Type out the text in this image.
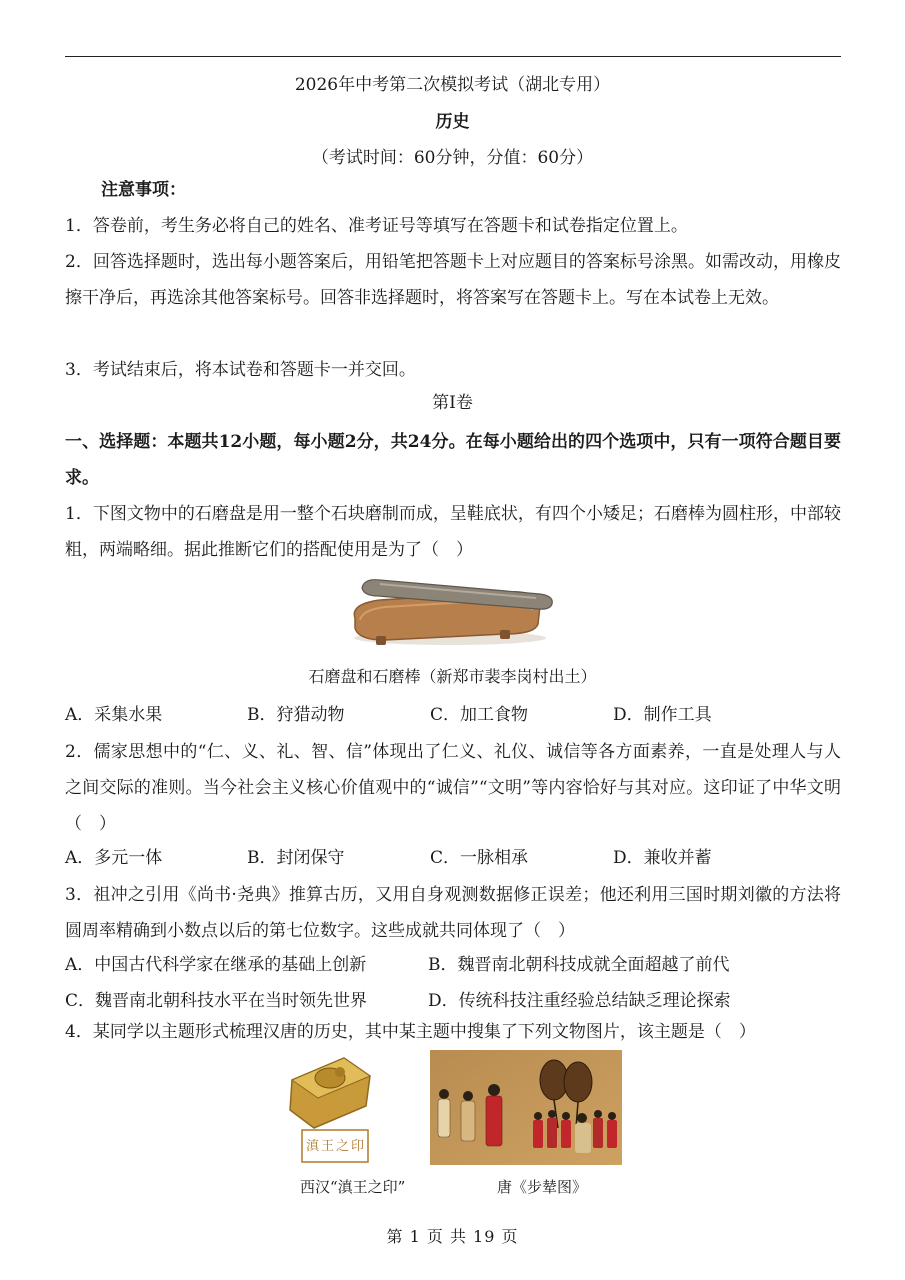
2026年中考第二次模拟考试（湖北专用）
历史
（考试时间：60分钟，分值：60分）
注意事项：
1．答卷前，考生务必将自己的姓名、准考证号等填写在答题卡和试卷指定位置上。
2．回答选择题时，选出每小题答案后，用铅笔把答题卡上对应题目的答案标号涂黑。如需改动，用橡皮擦干净后，再选涂其他答案标号。回答非选择题时，将答案写在答题卡上。写在本试卷上无效。
3．考试结束后，将本试卷和答题卡一并交回。
第Ⅰ卷
一、选择题：本题共12小题，每小题2分，共24分。在每小题给出的四个选项中，只有一项符合题目要求。
1．下图文物中的石磨盘是用一整个石块磨制而成，呈鞋底状，有四个小矮足；石磨棒为圆柱形，中部较粗，两端略细。据此推断它们的搭配使用是为了（　）
石磨盘和石磨棒（新郑市裴李岗村出土）
A．采集水果	B．狩猎动物	C．加工食物	D．制作工具
2．儒家思想中的“仁、义、礼、智、信”体现出了仁义、礼仪、诚信等各方面素养，一直是处理人与人之间交际的准则。当今社会主义核心价值观中的“诚信”“文明”等内容恰好与其对应。这印证了中华文明（　）
A．多元一体	B．封闭保守	C．一脉相承	D．兼收并蓄
3．祖冲之引用《尚书·尧典》推算古历，又用自身观测数据修正误差；他还利用三国时期刘徽的方法将圆周率精确到小数点以后的第七位数字。这些成就共同体现了（　）
A．中国古代科学家在继承的基础上创新	B．魏晋南北朝科技成就全面超越了前代
C．魏晋南北朝科技水平在当时领先世界	D．传统科技注重经验总结缺乏理论探索
4．某同学以主题形式梳理汉唐的历史，其中某主题中搜集了下列文物图片，该主题是（　）
滇王之印
西汉“滇王之印”	唐《步辇图》
第 1 页 共 19 页
